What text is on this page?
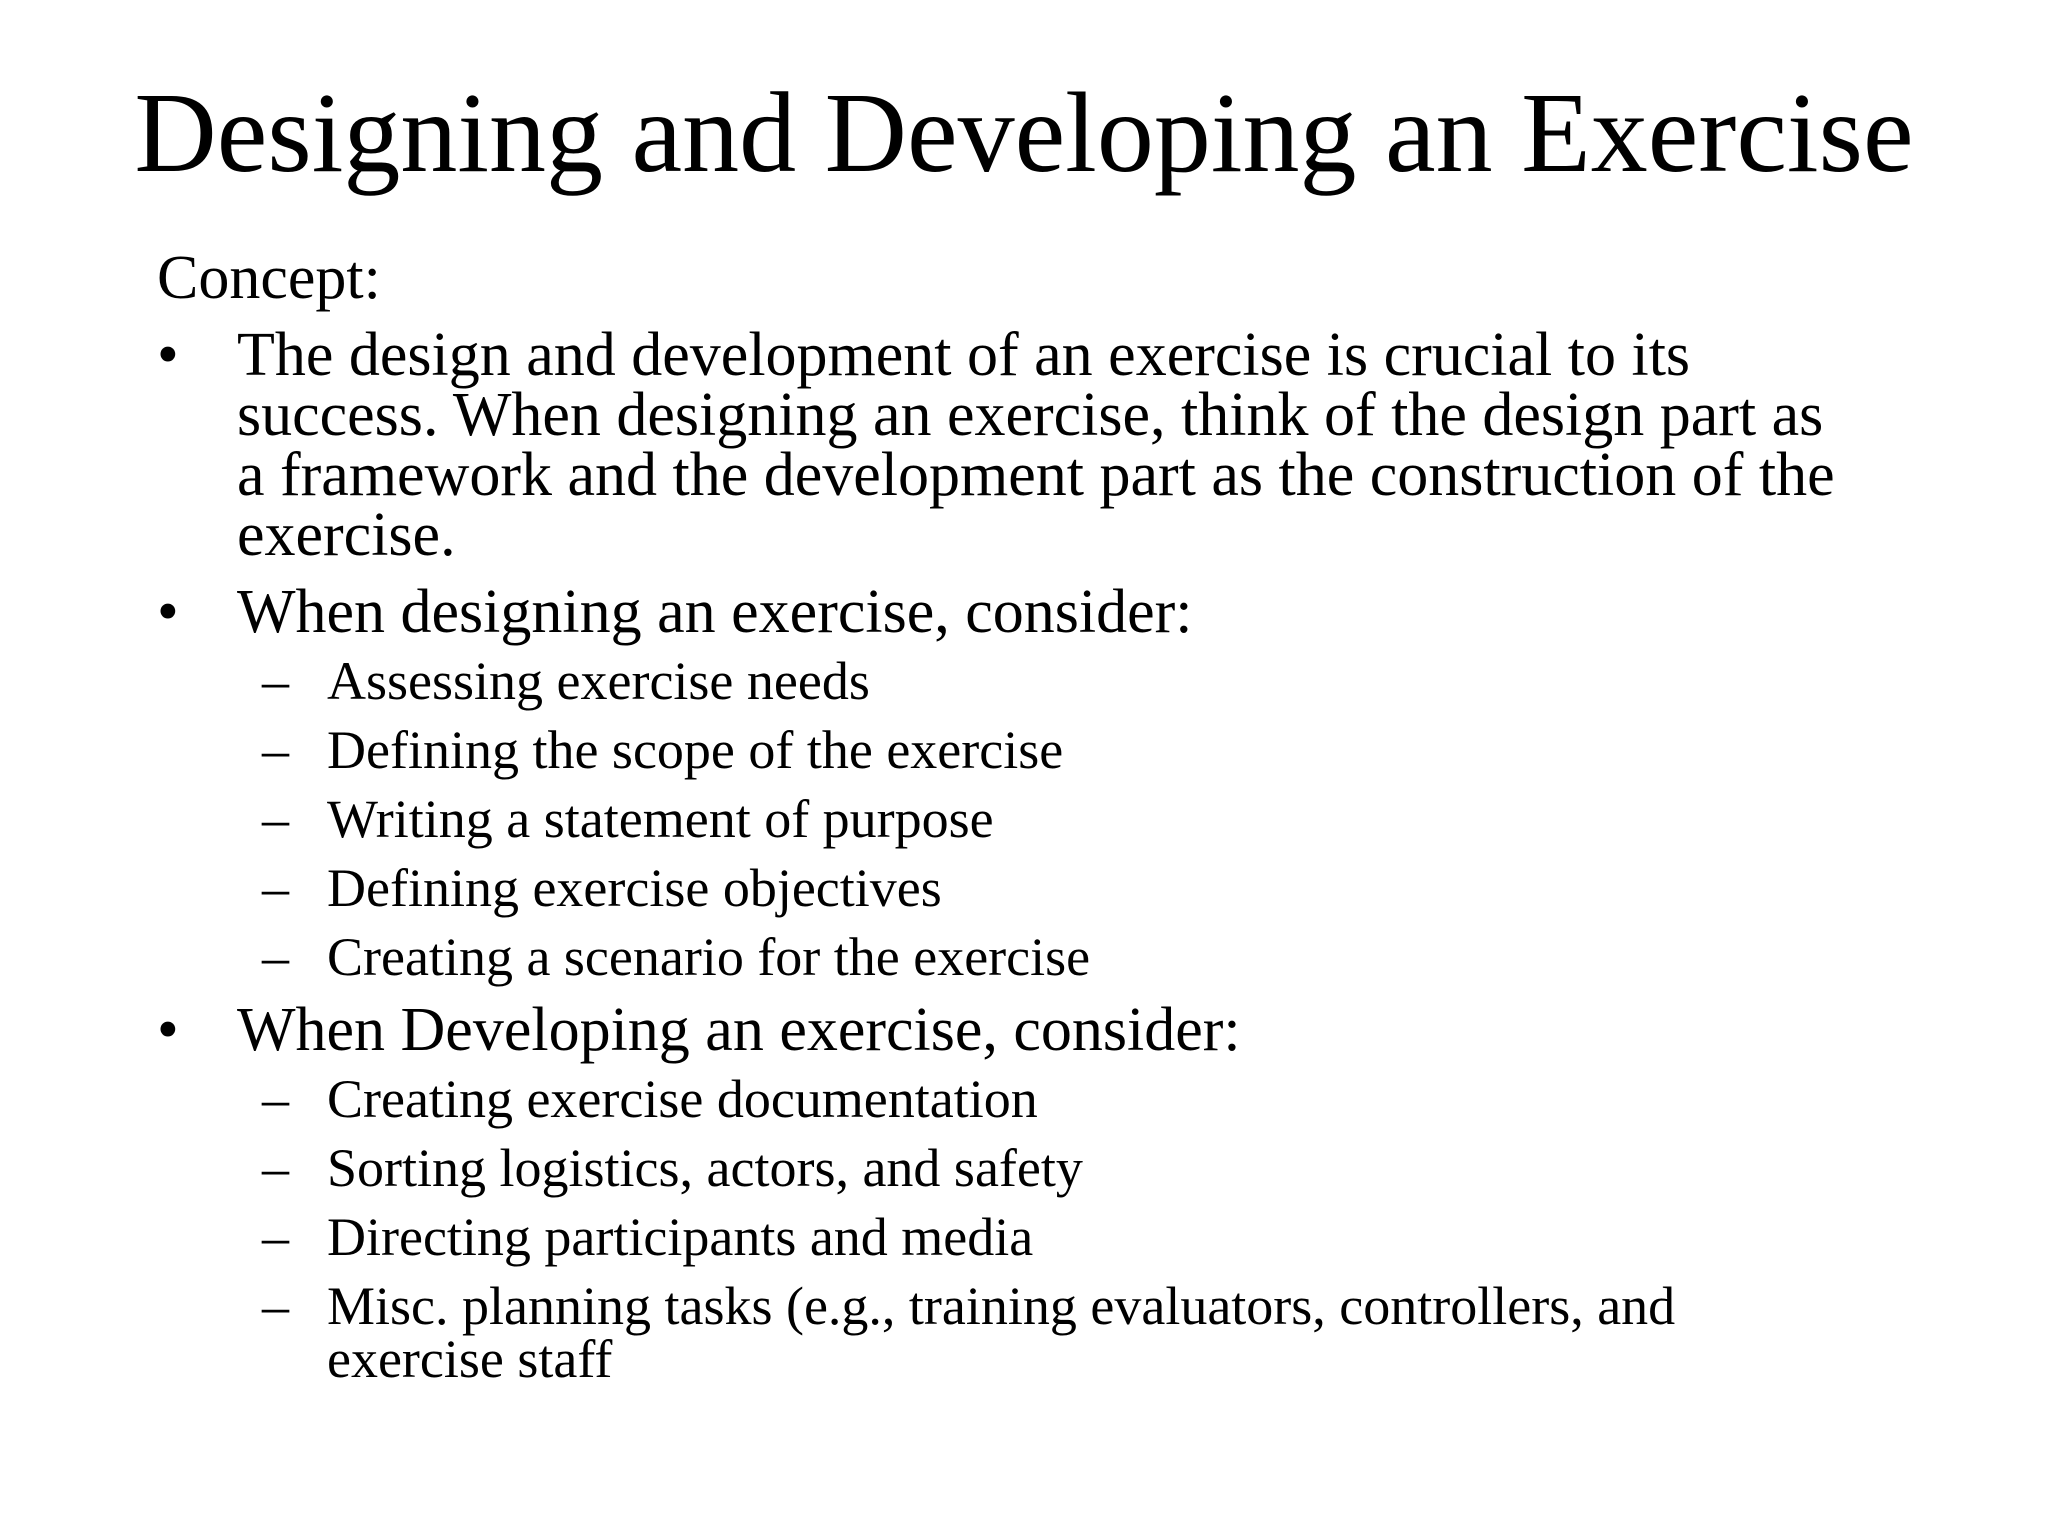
Designing and Developing an Exercise
Concept:
• The design and development of an exercise is crucial to its
success. When designing an exercise, think of the design part as
a framework and the development part as the construction of the
exercise.
• When designing an exercise, consider:
– Assessing exercise needs
– Defining the scope of the exercise
– Writing a statement of purpose
– Defining exercise objectives
– Creating a scenario for the exercise
• When Developing an exercise, consider:
– Creating exercise documentation
– Sorting logistics, actors, and safety
– Directing participants and media
– Misc. planning tasks (e.g., training evaluators, controllers, and
exercise staff
